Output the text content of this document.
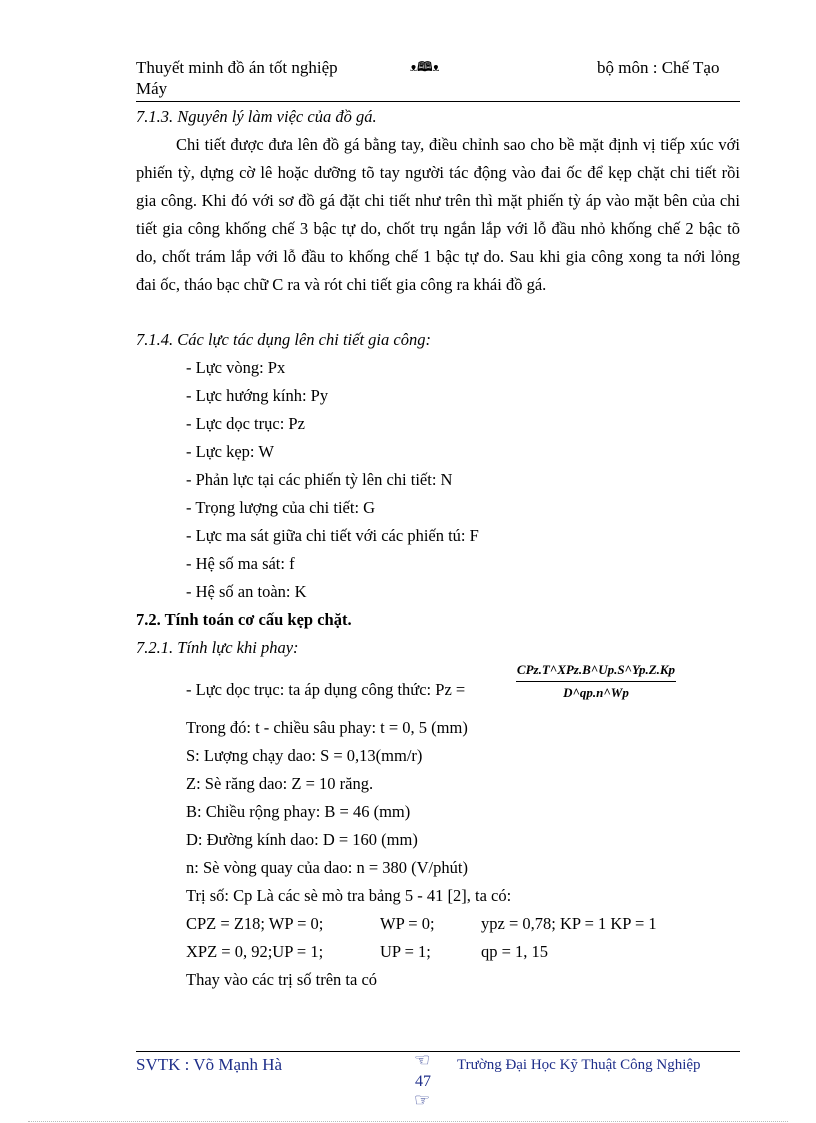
Thuyết minh đồ án tốt nghiệp	ᴥ🕮ᴥ	bộ môn : Chế Tạo
Máy
7.1.3. Nguyên lý làm việc của đồ gá.
Chi tiết được đưa lên đồ gá bằng tay, điều chỉnh sao cho bề mặt định vị tiếp xúc với phiến tỳ, dựng cờ lê hoặc dưỡng tõ tay người tác động vào đai ốc để kẹp chặt chi tiết rồi gia công. Khi đó với sơ đồ gá đặt chi tiết như trên thì mặt phiến tỳ áp vào mặt bên của chi tiết gia công khống chế 3 bậc tự do, chốt trụ ngắn lắp với lỗ đầu nhỏ khống chế 2 bậc tõ do, chốt trám lắp với lỗ đầu to khống chế 1 bậc tự do. Sau khi gia công xong ta nới lỏng đai ốc, tháo bạc chữ C ra và rót chi tiết gia công ra khái đồ gá.
7.1.4. Các lực tác dụng lên chi tiết gia công:
- Lực vòng: Px
- Lực hướng kính: Py
- Lực dọc trục: Pz
- Lực kẹp: W
- Phản lực tại các phiến tỳ lên chi tiết: N
- Trọng lượng của chi tiết: G
- Lực ma sát giữa chi tiết với các phiến tú: F
- Hệ số ma sát: f
- Hệ số an toàn: K
7.2. Tính toán cơ cấu kẹp chặt.
7.2.1. Tính lực khi phay:
- Lực dọc trục: ta áp dụng công thức: Pz =
CPz.T^XPz.B^Up.S^Yp.Z.Kp
D^qp.n^Wp
Trong đó: t - chiều sâu phay: t = 0, 5 (mm)
S: Lượng chạy dao: S = 0,13(mm/r)
Z: Sè răng dao: Z = 10 răng.
B: Chiều rộng phay: B = 46 (mm)
D: Đường kính dao: D = 160 (mm)
n: Sè vòng quay của dao: n = 380 (V/phút)
Trị số: Cp Là các sè mò tra bảng 5 - 41 [2], ta có:
CPZ = Z18; WP = 0;	WP = 0;	ypz = 0,78; KP = 1 KP = 1
XPZ = 0, 92;UP = 1;	UP = 1;	qp = 1, 15
Thay vào các trị số trên ta có
SVTK : Võ Mạnh Hà	☜
47
☞
Trường Đại Học Kỹ Thuật Công Nghiệp
